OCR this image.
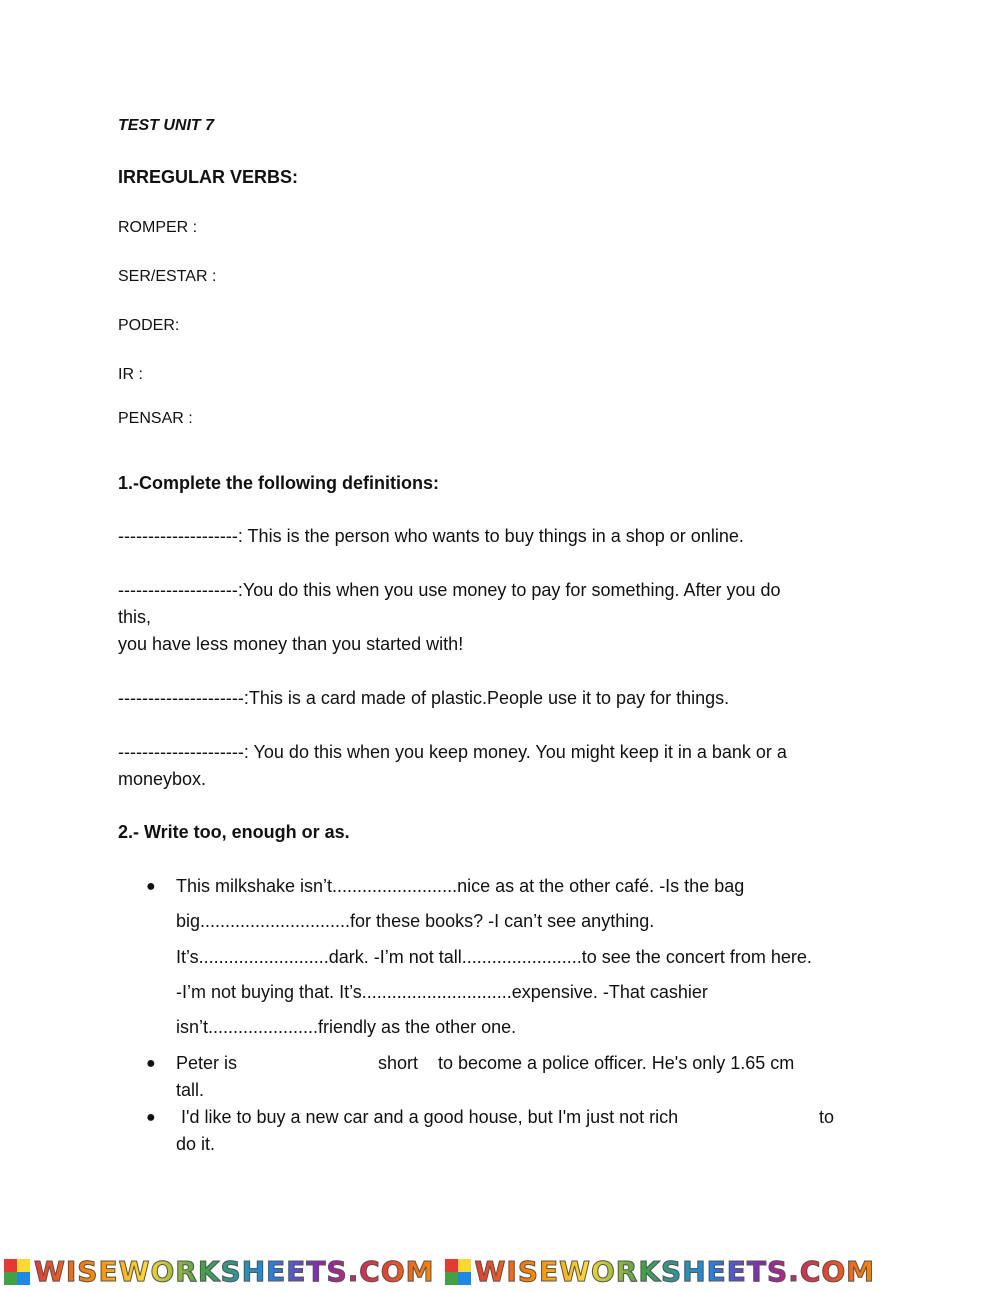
TEST UNIT 7
IRREGULAR VERBS:
ROMPER :
SER/ESTAR :
PODER:
IR :
PENSAR :
1.-Complete the following definitions:
--------------------: This is the person who wants to buy things in a shop or online.
--------------------:You do this when you use money to pay for something. After you do
this,
you have less money than you started with!
---------------------:This is a card made of plastic.People use it to pay for things.
---------------------: You do this when you keep money. You might keep it in a bank or a
moneybox.
2.- Write too, enough or as.
● This milkshake isn’t.........................nice as at the other café. -Is the bag
big..............................for these books? -I can’t see anything.
It’s..........................dark. -I’m not tall........................to see the concert from here.
-I’m not buying that. It’s..............................expensive. -That cashier
isn’t......................friendly as the other one.
● Peter is	short to become a police officer. He's only 1.65 cm
tall.
● I'd like to buy a new car and a good house, but I'm just not rich	to
do it.
WISEWORKSHEETS.COM WISEWORKSHEETS.COM
